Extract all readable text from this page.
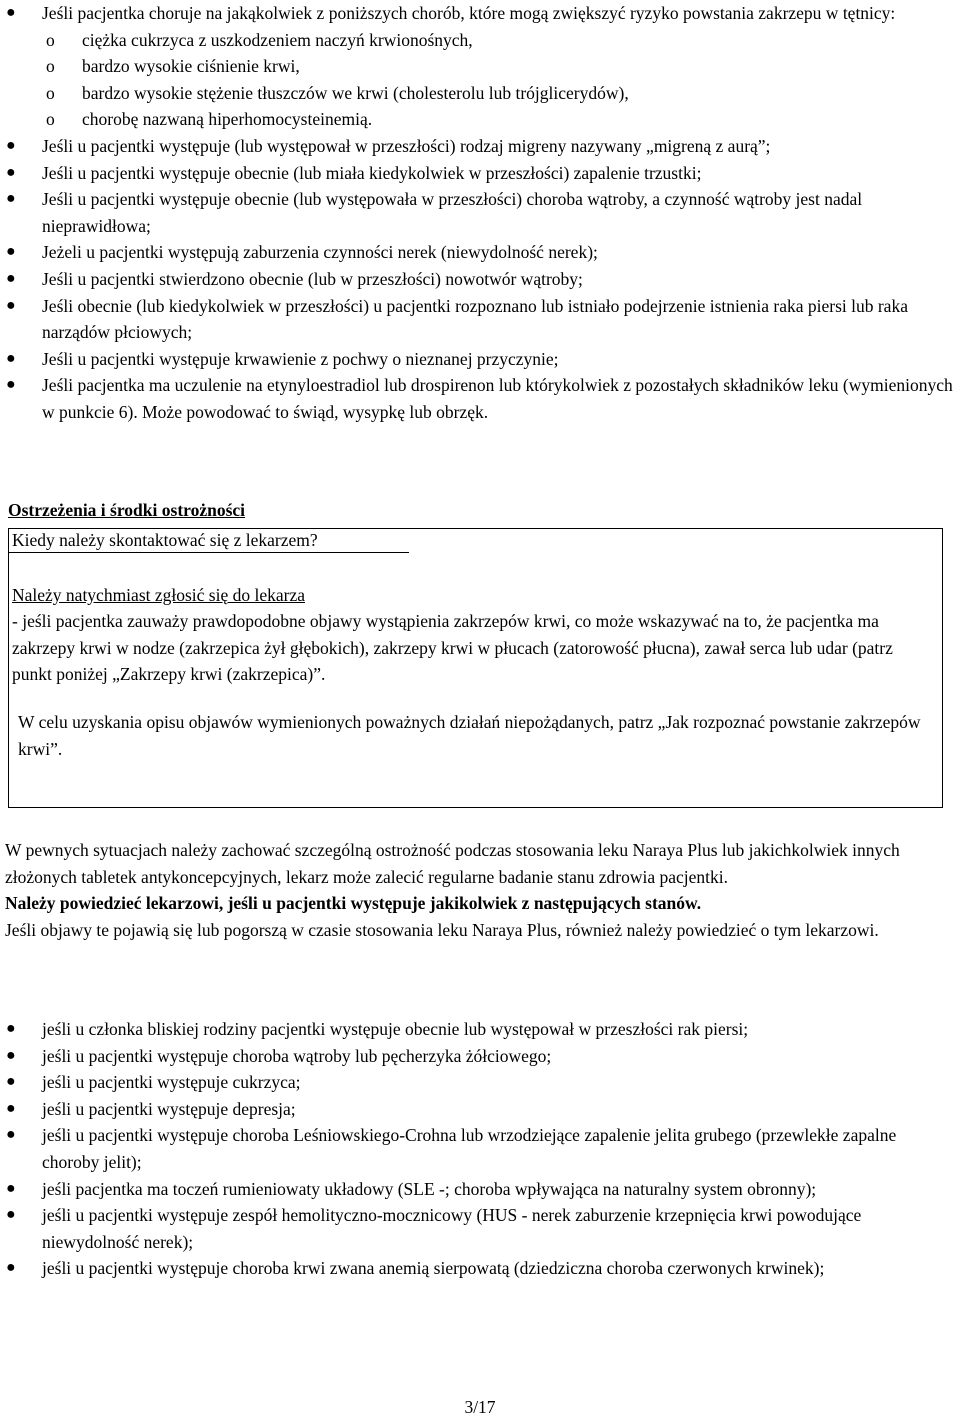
● Jeśli pacjentka choruje na jakąkolwiek z poniższych chorób, które mogą zwiększyć ryzyko powstania zakrzepu w tętnicy:
o ciężka cukrzyca z uszkodzeniem naczyń krwionośnych,
o bardzo wysokie ciśnienie krwi,
o bardzo wysokie stężenie tłuszczów we krwi (cholesterolu lub trójglicerydów),
o chorobę nazwaną hiperhomocysteinemią.
● Jeśli u pacjentki występuje (lub występował w przeszłości) rodzaj migreny nazywany „migreną z aurą”;
● Jeśli u pacjentki występuje obecnie (lub miała kiedykolwiek w przeszłości) zapalenie trzustki;
● Jeśli u pacjentki występuje obecnie (lub występowała w przeszłości) choroba wątroby, a czynność wątroby jest nadal nieprawidłowa;
● Jeżeli u pacjentki występują zaburzenia czynności nerek (niewydolność nerek);
● Jeśli u pacjentki stwierdzono obecnie (lub w przeszłości) nowotwór wątroby;
● Jeśli obecnie (lub kiedykolwiek w przeszłości) u pacjentki rozpoznano lub istniało podejrzenie istnienia raka piersi lub raka narządów płciowych;
● Jeśli u pacjentki występuje krwawienie z pochwy o nieznanej przyczynie;
● Jeśli pacjentka ma uczulenie na etynyloestradiol lub drospirenon lub którykolwiek z pozostałych składników leku (wymienionych w punkcie 6). Może powodować to świąd, wysypkę lub obrzęk.
Ostrzeżenia i środki ostrożności
Kiedy należy skontaktować się z lekarzem?
Należy natychmiast zgłosić się do lekarza
- jeśli pacjentka zauważy prawdopodobne objawy wystąpienia zakrzepów krwi, co może wskazywać na to, że pacjentka ma zakrzepy krwi w nodze (zakrzepica żył głębokich), zakrzepy krwi w płucach (zatorowość płucna), zawał serca lub udar (patrz punkt poniżej „Zakrzepy krwi (zakrzepica)”.
W celu uzyskania opisu objawów wymienionych poważnych działań niepożądanych, patrz „Jak rozpoznać powstanie zakrzepów krwi”.
W pewnych sytuacjach należy zachować szczególną ostrożność podczas stosowania leku Naraya Plus lub jakichkolwiek innych złożonych tabletek antykoncepcyjnych, lekarz może zalecić regularne badanie stanu zdrowia pacjentki.
Należy powiedzieć lekarzowi, jeśli u pacjentki występuje jakikolwiek z następujących stanów.
Jeśli objawy te pojawią się lub pogorszą w czasie stosowania leku Naraya Plus, również należy powiedzieć o tym lekarzowi.
● jeśli u członka bliskiej rodziny pacjentki występuje obecnie lub występował w przeszłości rak piersi;
● jeśli u pacjentki występuje choroba wątroby lub pęcherzyka żółciowego;
● jeśli u pacjentki występuje cukrzyca;
● jeśli u pacjentki występuje depresja;
● jeśli u pacjentki występuje choroba Leśniowskiego-Crohna lub wrzodziejące zapalenie jelita grubego (przewlekłe zapalne choroby jelit);
● jeśli pacjentka ma toczeń rumieniowaty układowy (SLE -; choroba wpływająca na naturalny system obronny);
● jeśli u pacjentki występuje zespół hemolityczno-mocznicowy (HUS - nerek zaburzenie krzepnięcia krwi powodujące niewydolność nerek);
● jeśli u pacjentki występuje choroba krwi zwana anemią sierpowatą (dziedziczna choroba czerwonych krwinek);
3/17
